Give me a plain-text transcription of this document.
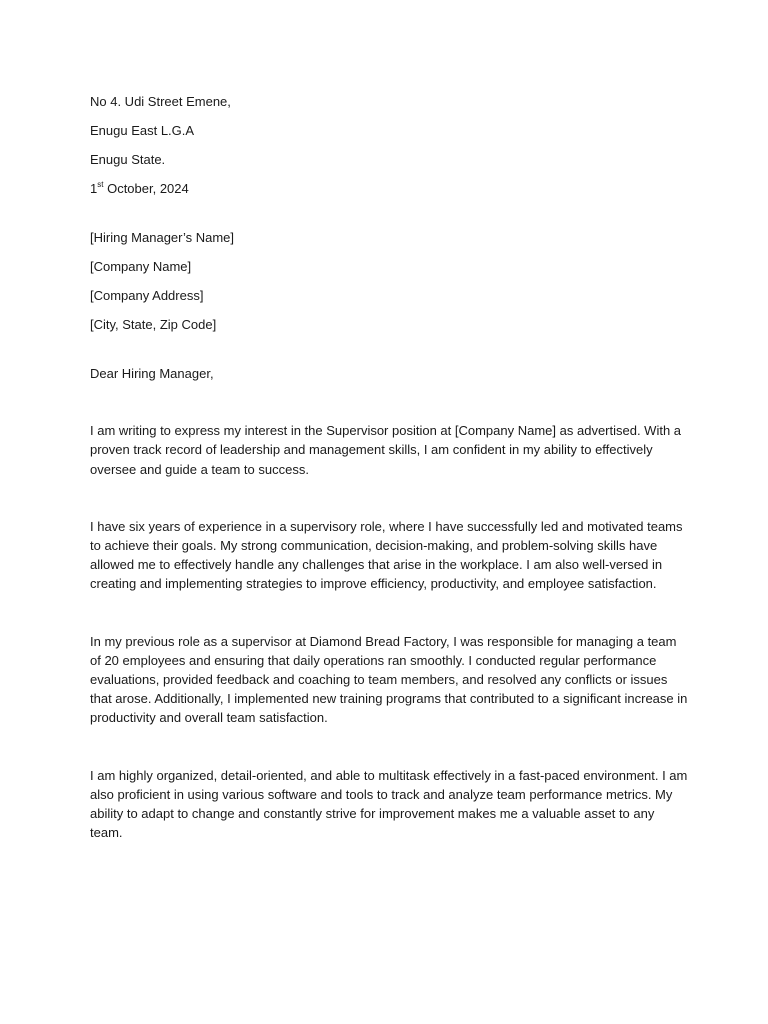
No 4. Udi Street Emene,

Enugu East L.G.A

Enugu State.

1st October, 2024

[Hiring Manager’s Name]

[Company Name]

[Company Address]

[City, State, Zip Code]

Dear Hiring Manager,

I am writing to express my interest in the Supervisor position at [Company Name] as advertised. With a proven track record of leadership and management skills, I am confident in my ability to effectively oversee and guide a team to success.

I have six years of experience in a supervisory role, where I have successfully led and motivated teams to achieve their goals. My strong communication, decision-making, and problem-solving skills have allowed me to effectively handle any challenges that arise in the workplace. I am also well-versed in creating and implementing strategies to improve efficiency, productivity, and employee satisfaction.

In my previous role as a supervisor at Diamond Bread Factory, I was responsible for managing a team of 20 employees and ensuring that daily operations ran smoothly. I conducted regular performance evaluations, provided feedback and coaching to team members, and resolved any conflicts or issues that arose. Additionally, I implemented new training programs that contributed to a significant increase in productivity and overall team satisfaction.

I am highly organized, detail-oriented, and able to multitask effectively in a fast-paced environment. I am also proficient in using various software and tools to track and analyze team performance metrics. My ability to adapt to change and constantly strive for improvement makes me a valuable asset to any team.
